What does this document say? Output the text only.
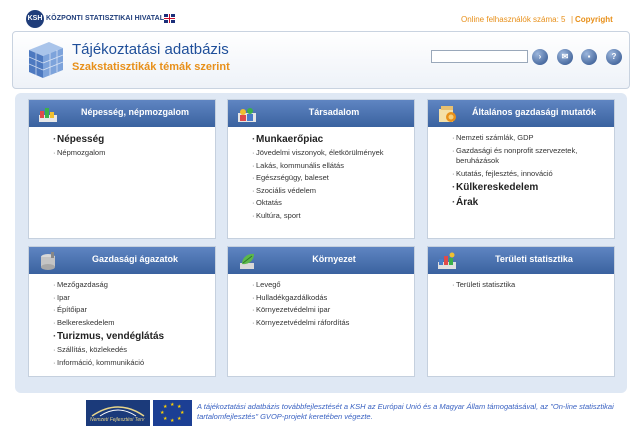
KSH KÖZPONTI STATISZTIKAI HIVATAL	Online felhasználók száma: 5 | Copyright
Tájékoztatási adatbázis
Szakstatisztikák témák szerint
›	✉	▪	?
Népesség, népmozgalom
· Népesség
· Népmozgalom
Társadalom
· Munkaerőpiac
· Jövedelmi viszonyok, életkörülmények
· Lakás, kommunális ellátás
· Egészségügy, baleset
· Szociális védelem
· Oktatás
· Kultúra, sport
Általános gazdasági mutatók
· Nemzeti számlák, GDP
· Gazdasági és nonprofit szervezetek, beruházások
· Kutatás, fejlesztés, innováció
· Külkereskedelem
· Árak
Gazdasági ágazatok
· Mezőgazdaság
· Ipar
· Építőipar
· Belkereskedelem
· Turizmus, vendéglátás
· Szállítás, közlekedés
· Információ, kommunikáció
Környezet
· Levegő
· Hulladékgazdálkodás
· Környezetvédelmi ipar
· Környezetvédelmi ráfordítás
Területi statisztika
· Területi statisztika
Nemzeti Fejlesztési Terv
★ ★
★
★
★
★
★
★	A tájékoztatási adatbázis továbbfejlesztését a KSH az Európai Unió és a Magyar Állam támogatásával, az "On-line statisztikai tartalomfejlesztés" GVOP-projekt keretében végezte.
